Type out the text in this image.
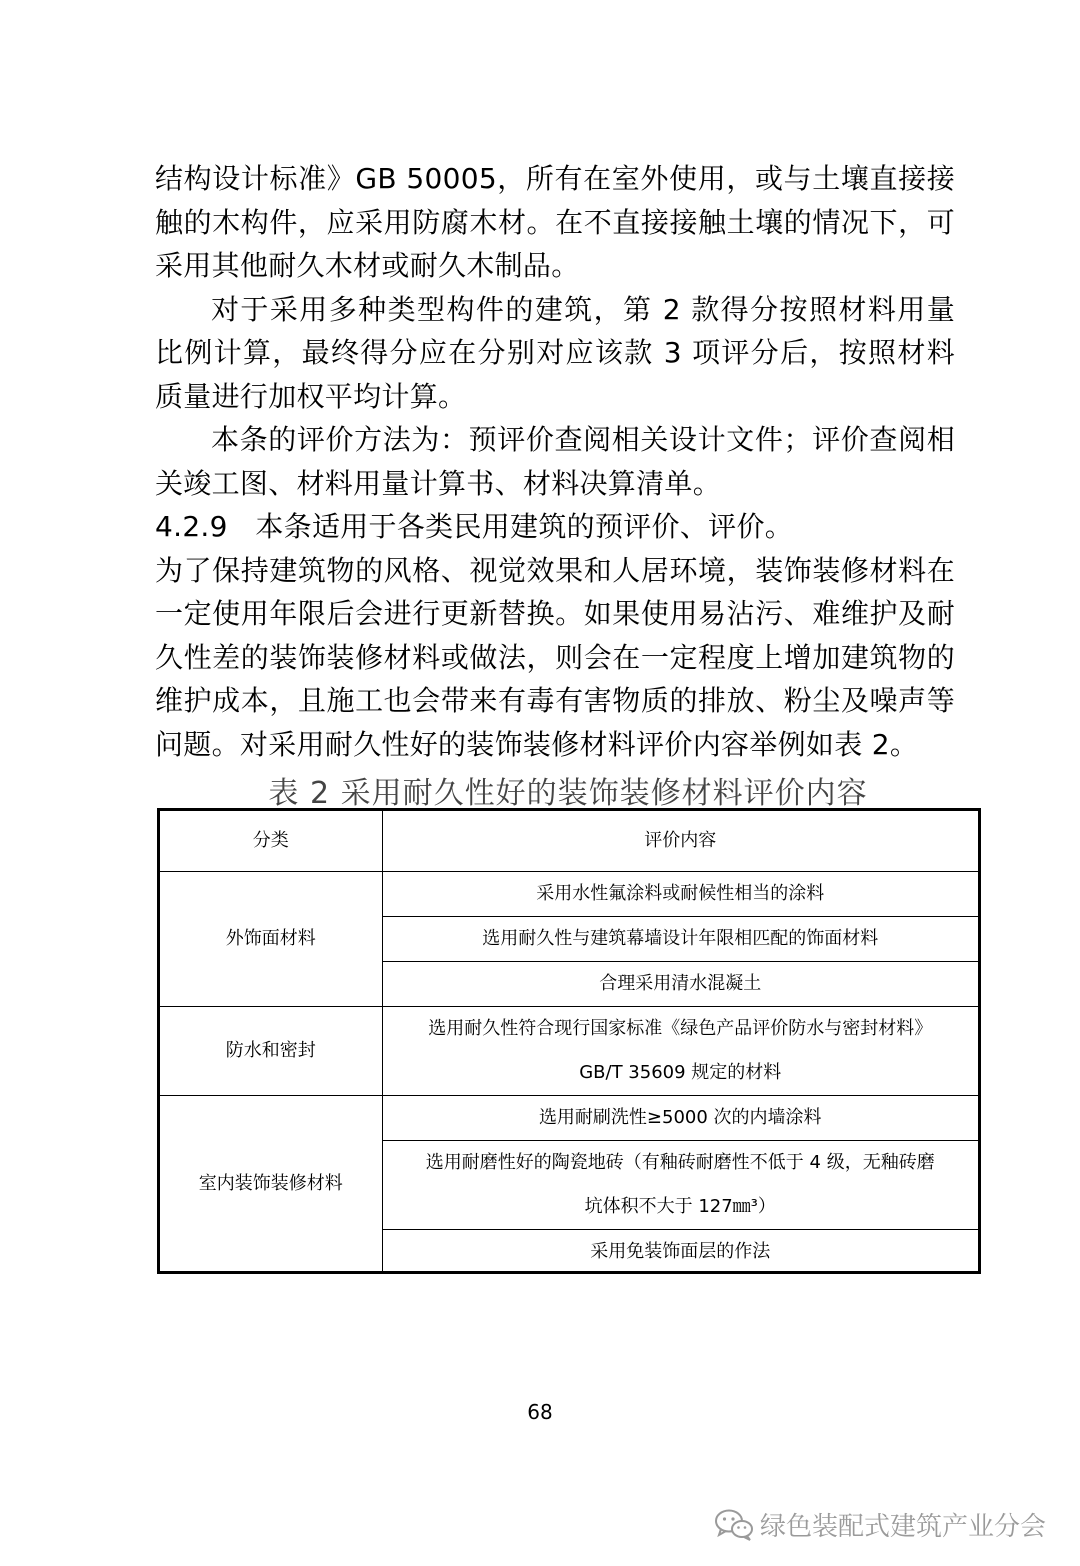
结构设计标准》GB 50005，所有在室外使用，或与土壤直接接触的木构件，应采用防腐木材。在不直接接触土壤的情况下，可采用其他耐久木材或耐久木制品。

对于采用多种类型构件的建筑，第 2 款得分按照材料用量比例计算，最终得分应在分别对应该款 3 项评分后，按照材料质量进行加权平均计算。

本条的评价方法为：预评价查阅相关设计文件；评价查阅相关竣工图、材料用量计算书、材料决算清单。

4.2.9 本条适用于各类民用建筑的预评价、评价。

为了保持建筑物的风格、视觉效果和人居环境，装饰装修材料在一定使用年限后会进行更新替换。如果使用易沾污、难维护及耐久性差的装饰装修材料或做法，则会在一定程度上增加建筑物的维护成本，且施工也会带来有毒有害物质的排放、粉尘及噪声等问题。对采用耐久性好的装饰装修材料评价内容举例如表 2。

表 2 采用耐久性好的装饰装修材料评价内容
分类	评价内容
外饰面材料	采用水性氟涂料或耐候性相当的涂料
	选用耐久性与建筑幕墙设计年限相匹配的饰面材料
	合理采用清水混凝土
防水和密封	选用耐久性符合现行国家标准《绿色产品评价防水与密封材料》
GB/T 35609 规定的材料

室内装饰装修材料	选用耐刷洗性≥5000 次的内墙涂料

	选用耐磨性好的陶瓷地砖（有釉砖耐磨性不低于 4 级，无釉砖磨
坑体积不大于 127㎜³）

	采用免装饰面层的作法
68
绿色装配式建筑产业分会
